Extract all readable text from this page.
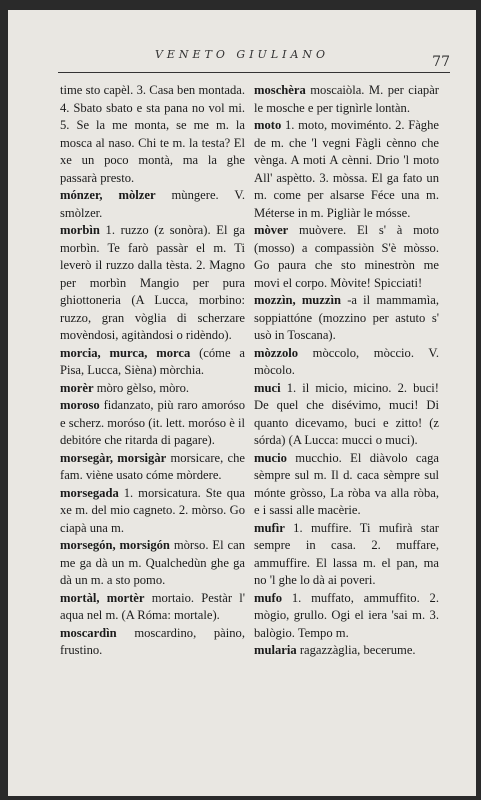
VENETO GIULIANO	77

time sto capèl. 3. Casa ben montada. 4. Sbato sbato e sta pana no vol mi. 5. Se la me monta, se me m. la mosca al naso. Chi te m. la testa? El xe un poco montà, ma la ghe passarà presto.

mónzer, mòlzer mùngere. V. smòlzer.

morbìn 1. ruzzo (z sonòra). El ga morbìn. Te farò passàr el m. Ti leverò il ruzzo dalla tèsta. 2. Magno per morbìn Mangio per pura ghiottoneria (A Lucca, morbino: ruzzo, gran vòglia di scherzare movèndosi, agitàndosi o ridèndo).

morcia, murca, morca (cóme a Pisa, Lucca, Sièna) mòrchia.

morèr mòro gèlso, mòro.

moroso fidanzato, più raro amoróso e scherz. moróso (it. lett. moróso è il debitóre che ritarda di pagare).

morsegàr, morsigàr morsicare, che fam. viène usato cóme mòrdere.

morsegada 1. morsicatura. Ste qua xe m. del mio cagneto. 2. mòrso. Go ciapà una m.

morsegón, morsigón mòrso. El can me ga dà un m. Qualchedùn ghe ga dà un m. a sto pomo.

mortàl, mortèr mortaio. Pestàr l' aqua nel m. (A Róma: mortale).

moscardìn moscardino, pàino, frustino.

moschèra moscaiòla. M. per ciapàr le mosche e per tignìrle lontàn.

moto 1. moto, moviménto. 2. Fàghe de m. che 'l vegni Fàgli cènno che vènga. A moti A cènni. Drio 'l moto All' aspètto. 3. mòssa. El ga fato un m. come per alsarse Féce una m. Méterse in m. Pigliàr le mósse.

mòver muòvere. El s' à moto (mosso) a compassiòn S'è mòsso. Go paura che sto minestròn me movi el corpo. Mòvite! Spicciati!

mozzìn, muzzìn -a il mammamìa, soppiattóne (mozzino per astuto s' usò in Toscana).

mòzzolo mòccolo, mòccio. V. mòcolo.

muci 1. il micio, micino. 2. buci! De quel che disévimo, muci! Di quanto dicevamo, buci e zitto! (z sórda) (A Lucca: mucci o muci).

mucio mucchio. El diàvolo caga sèmpre sul m. Il d. caca sèmpre sul mónte gròsso, La ròba va alla ròba, e i sassi alle macèrie.

mufìr 1. muffire. Ti mufirà star sempre in casa. 2. muffare, ammuffire. El lassa m. el pan, ma no 'l ghe lo dà ai poveri.

mufo 1. muffato, ammuffito. 2. mògio, grullo. Ogi el iera 'sai m. 3. balògio. Tempo m.

mularia ragazzàglia, becerume.
